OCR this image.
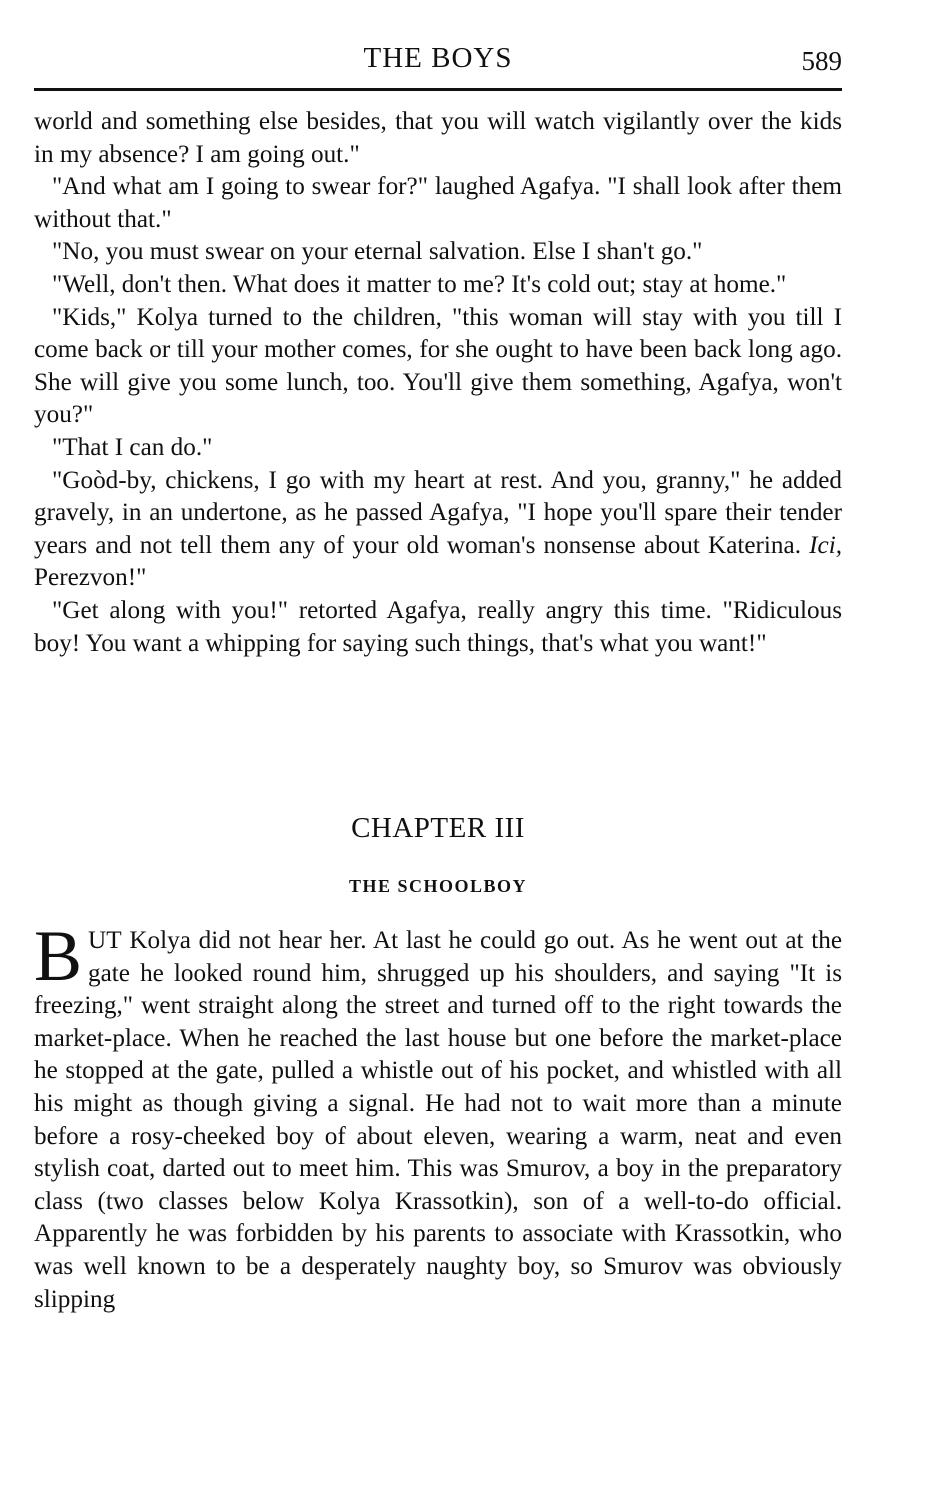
THE BOYS	589

world and something else besides, that you will watch vigilantly over the kids in my absence? I am going out."

"And what am I going to swear for?" laughed Agafya. "I shall look after them without that."

"No, you must swear on your eternal salvation. Else I shan't go."

"Well, don't then. What does it matter to me? It's cold out; stay at home."

"Kids," Kolya turned to the children, "this woman will stay with you till I come back or till your mother comes, for she ought to have been back long ago. She will give you some lunch, too. You'll give them something, Agafya, won't you?"

"That I can do."

"Goòd-by, chickens, I go with my heart at rest. And you, granny," he added gravely, in an undertone, as he passed Agafya, "I hope you'll spare their tender years and not tell them any of your old woman's nonsense about Katerina. Ici, Perezvon!"

"Get along with you!" retorted Agafya, really angry this time. "Ridiculous boy! You want a whipping for saying such things, that's what you want!"

CHAPTER III
THE SCHOOLBOY

BUT Kolya did not hear her. At last he could go out. As he went out at the gate he looked round him, shrugged up his shoulders, and saying "It is freezing," went straight along the street and turned off to the right towards the market-place. When he reached the last house but one before the market-place he stopped at the gate, pulled a whistle out of his pocket, and whistled with all his might as though giving a signal. He had not to wait more than a minute before a rosy-cheeked boy of about eleven, wearing a warm, neat and even stylish coat, darted out to meet him. This was Smurov, a boy in the preparatory class (two classes below Kolya Krassotkin), son of a well-to-do official. Apparently he was forbidden by his parents to associate with Krassotkin, who was well known to be a desperately naughty boy, so Smurov was obviously slipping
